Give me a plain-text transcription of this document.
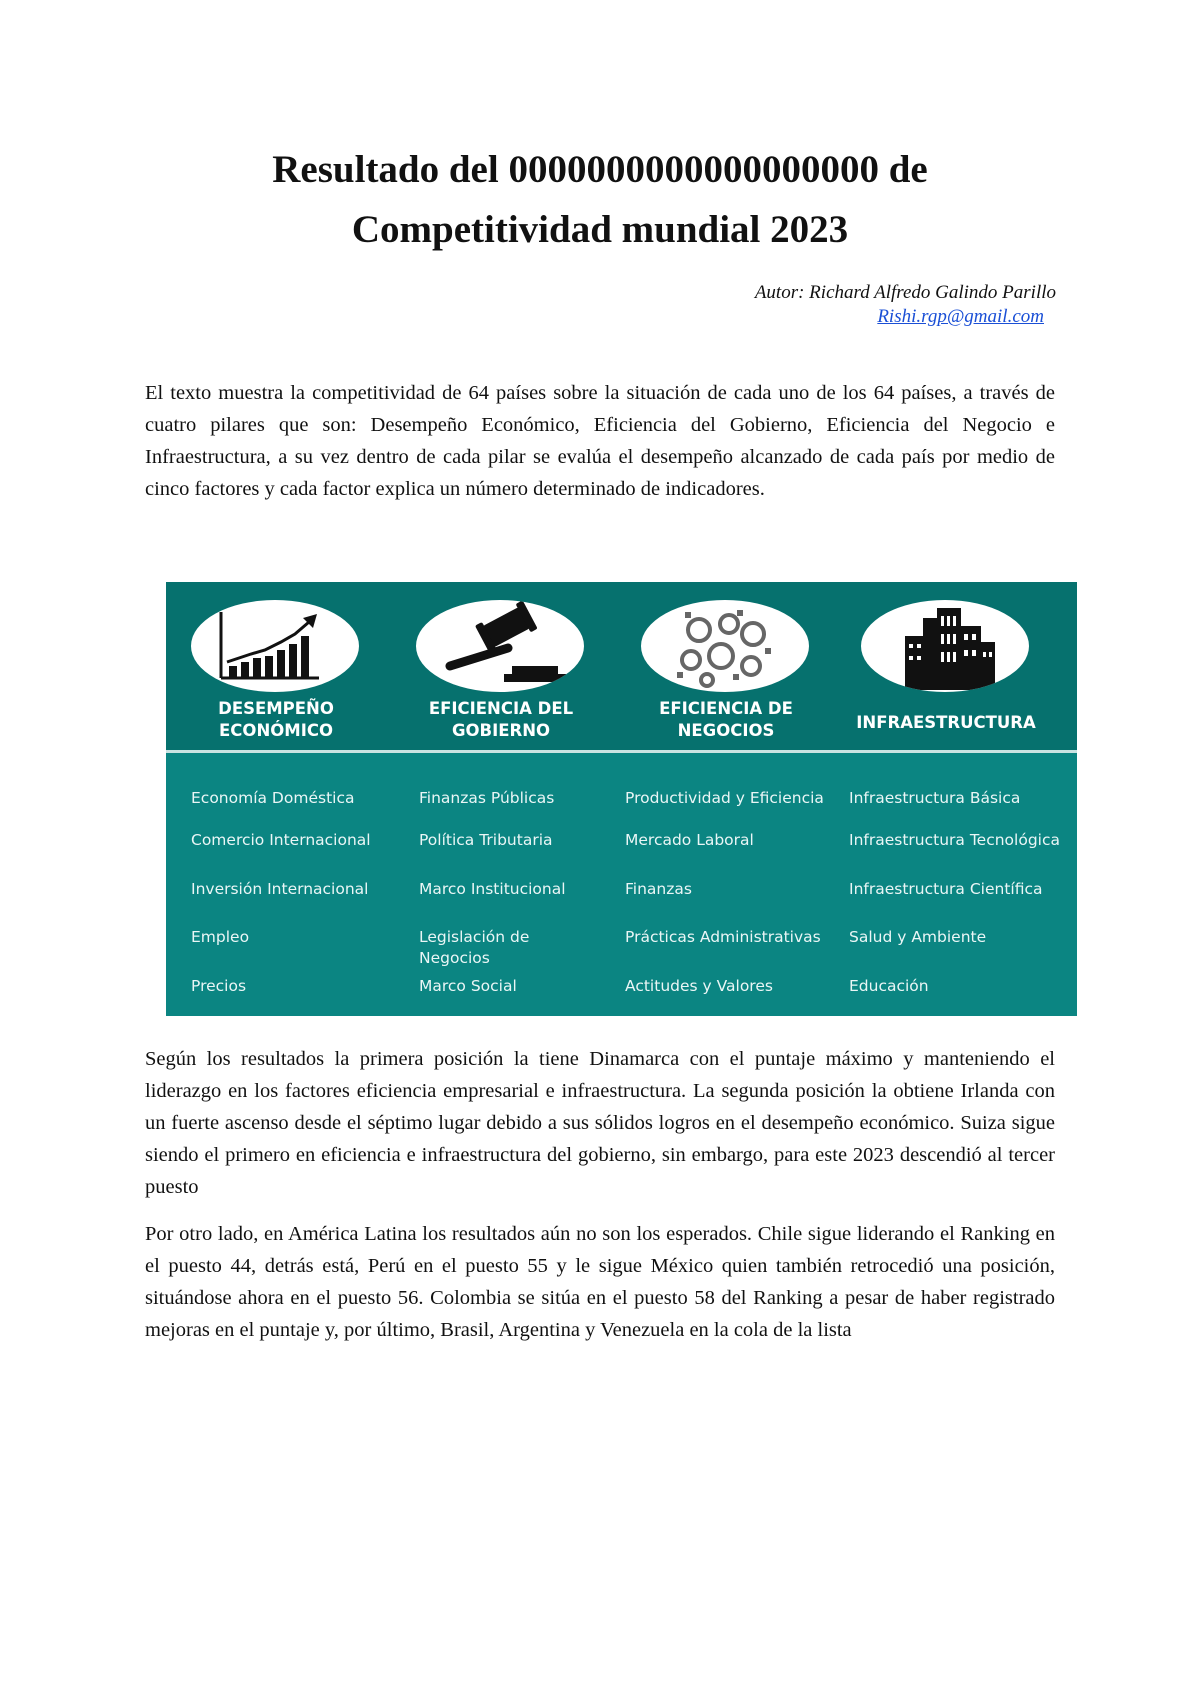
Resultado del 0000000000000000000 de
Competitividad mundial 2023
Autor: Richard Alfredo Galindo Parillo
Rishi.rgp@gmail.com

El texto muestra la competitividad de 64 países sobre la situación de cada uno de los 64 países, a través de cuatro pilares que son: Desempeño Económico, Eficiencia del Gobierno, Eficiencia del Negocio e Infraestructura, a su vez dentro de cada pilar se evalúa el desempeño alcanzado de cada país por medio de cinco factores y cada factor explica un número determinado de indicadores.

DESEMPEÑO
ECONÓMICO
EFICIENCIA DEL
GOBIERNO
EFICIENCIA DE
NEGOCIOS	INFRAESTRUCTURA
Economía Doméstica
Comercio Internacional
Inversión Internacional
Empleo
Precios
Finanzas Públicas
Política Tributaria
Marco Institucional
Legislación de Negocios
Marco Social
Productividad y Eficiencia
Mercado Laboral
Finanzas
Prácticas Administrativas
Actitudes y Valores
Infraestructura Básica
Infraestructura Tecnológica
Infraestructura Científica
Salud y Ambiente
Educación

Según los resultados la primera posición la tiene Dinamarca con el puntaje máximo y manteniendo el liderazgo en los factores eficiencia empresarial e infraestructura. La segunda posición la obtiene Irlanda con un fuerte ascenso desde el séptimo lugar debido a sus sólidos logros en el desempeño económico. Suiza sigue siendo el primero en eficiencia e infraestructura del gobierno, sin embargo, para este 2023 descendió al tercer puesto

Por otro lado, en América Latina los resultados aún no son los esperados. Chile sigue liderando el Ranking en el puesto 44, detrás está, Perú en el puesto 55 y le sigue México quien también retrocedió una posición, situándose ahora en el puesto 56. Colombia se sitúa en el puesto 58 del Ranking a pesar de haber registrado mejoras en el puntaje y, por último, Brasil, Argentina y Venezuela en la cola de la lista
